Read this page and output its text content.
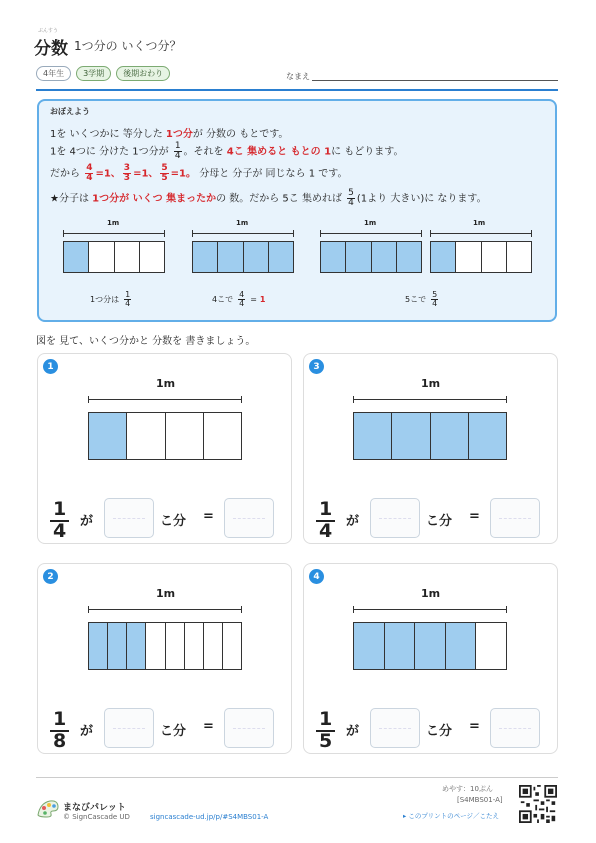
分数
ぶんすう
1つ分の いくつ分？
4年生	3学期	後期おわり	なまえ
おぼえよう
1を いくつかに 等分した 1つ分が 分数の もとです。
1を 4つに 分けた 1つ分が $\frac{1}{4}$ 。それを 4こ 集めると もとの 1に もどります。
だから $\frac{4}{4} =1$、 $\frac{3}{3} =1$、 $\frac{5}{5} =1$。 分母と 分子が 同じなら 1 です。
★分子は 1つ分が いくつ 集まったかの 数。だから 5こ 集めれば $\frac{5}{4} (1$より 大きい)に なります。
1m	1m	1m	1m
1つ分は $\frac{1}{4}$	4こで $\frac{4}{4} = 1$	5こで $\frac{5}{4}$
図を 見て、いくつ分かと 分数を 書きましょう。
1
1m
$\frac{1}{4}$ が	こ分 =
3
1m
$\frac{1}{4}$ が	こ分 =
2
1m
$\frac{1}{8}$ が	こ分 =
4
1m
$\frac{1}{5}$ が	こ分 =
まなびパレット
© SignCascade UD	signcascade-ud.jp/p/#S4MBS01-A
めやす：10ぷん
[S4MBS01-A]
▸ このプリントのページ／こたえ
